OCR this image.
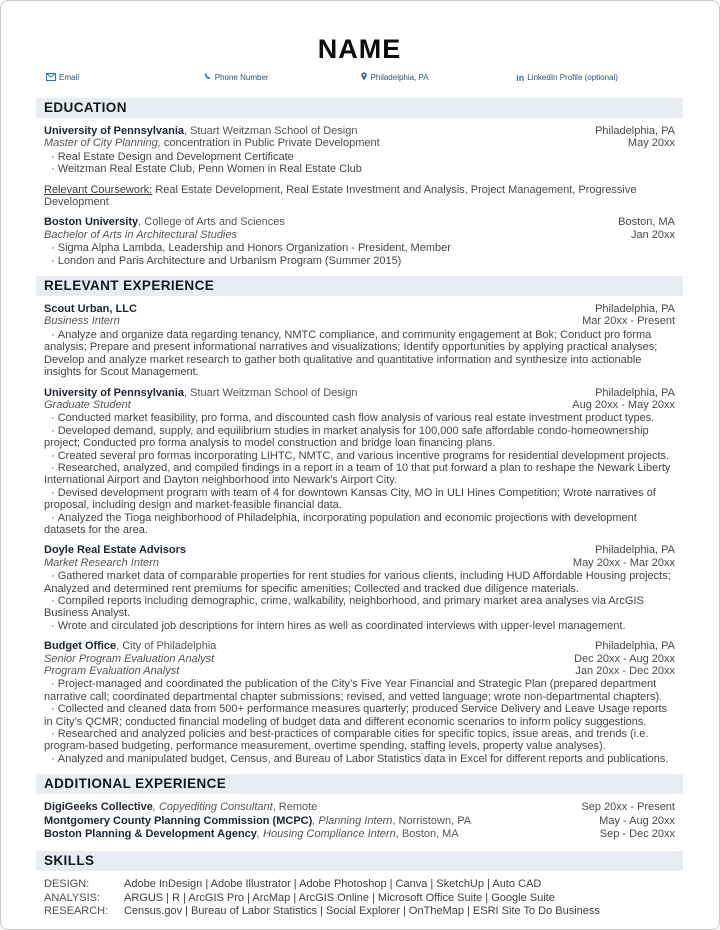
NAME
Email	Phone Number	Philadelphia, PA	in LinkedIn Profile (optional)
EDUCATION
University of Pennsylvania, Stuart Weitzman School of Design	Philadelphia, PA
Master of City Planning, concentration in Public Private Development	May 20xx
· Real Estate Design and Development Certificate
· Weitzman Real Estate Club, Penn Women in Real Estate Club
Relevant Coursework: Real Estate Development, Real Estate Investment and Analysis, Project Management, Progressive Development
Boston University, College of Arts and Sciences	Boston, MA
Bachelor of Arts in Architectural Studies	Jan 20xx
· Sigma Alpha Lambda, Leadership and Honors Organization - President, Member
· London and Paris Architecture and Urbanism Program (Summer 2015)
RELEVANT EXPERIENCE
Scout Urban, LLC	Philadelphia, PA
Business Intern	Mar 20xx - Present
· Analyze and organize data regarding tenancy, NMTC compliance, and community engagement at Bok; Conduct pro forma analysis; Prepare and present informational narratives and visualizations; Identify opportunities by applying practical analyses; Develop and analyze market research to gather both qualitative and quantitative information and synthesize into actionable insights for Scout Management.
University of Pennsylvania, Stuart Weitzman School of Design	Philadelphia, PA
Graduate Student	Aug 20xx - May 20xx
· Conducted market feasibility, pro forma, and discounted cash flow analysis of various real estate investment product types.
· Developed demand, supply, and equilibrium studies in market analysis for 100,000 safe affordable condo-homeownership project; Conducted pro forma analysis to model construction and bridge loan financing plans.
· Created several pro formas incorporating LIHTC, NMTC, and various incentive programs for residential development projects.
· Researched, analyzed, and compiled findings in a report in a team of 10 that put forward a plan to reshape the Newark Liberty International Airport and Dayton neighborhood into Newark’s Airport City.
· Devised development program with team of 4 for downtown Kansas City, MO in ULI Hines Competition; Wrote narratives of proposal, including design and market-feasible financial data.
· Analyzed the Tioga neighborhood of Philadelphia, incorporating population and economic projections with development datasets for the area.
Doyle Real Estate Advisors	Philadelphia, PA
Market Research Intern	May 20xx - Mar 20xx
· Gathered market data of comparable properties for rent studies for various clients, including HUD Affordable Housing projects; Analyzed and determined rent premiums for specific amenities; Collected and tracked due diligence materials.
· Compiled reports including demographic, crime, walkability, neighborhood, and primary market area analyses via ArcGIS Business Analyst.
· Wrote and circulated job descriptions for intern hires as well as coordinated interviews with upper-level management.
Budget Office, City of Philadelphia	Philadelphia, PA
Senior Program Evaluation Analyst	Dec 20xx - Aug 20xx
Program Evaluation Analyst	Jan 20xx - Dec 20xx
· Project-managed and coordinated the publication of the City’s Five Year Financial and Strategic Plan (prepared department narrative call; coordinated departmental chapter submissions; revised, and vetted language; wrote non-departmental chapters).
· Collected and cleaned data from 500+ performance measures quarterly; produced Service Delivery and Leave Usage reports in City’s QCMR; conducted financial modeling of budget data and different economic scenarios to inform policy suggestions.
· Researched and analyzed policies and best-practices of comparable cities for specific topics, issue areas, and trends (i.e. program-based budgeting, performance measurement, overtime spending, staffing levels, property value analyses).
· Analyzed and manipulated budget, Census, and Bureau of Labor Statistics data in Excel for different reports and publications.
ADDITIONAL EXPERIENCE
DigiGeeks Collective, Copyediting Consultant, Remote	Sep 20xx - Present
Montgomery County Planning Commission (MCPC), Planning Intern, Norristown, PA	May - Aug 20xx
Boston Planning & Development Agency, Housing Compliance Intern, Boston, MA	Sep - Dec 20xx
SKILLS
DESIGN:	Adobe InDesign | Adobe Illustrator | Adobe Photoshop | Canva | SketchUp | Auto CAD
ANALYSIS:	ARGUS | R | ArcGIS Pro | ArcMap | ArcGIS Online | Microsoft Office Suite | Google Suite
RESEARCH:	Census.gov | Bureau of Labor Statistics | Social Explorer | OnTheMap | ESRI Site To Do Business
